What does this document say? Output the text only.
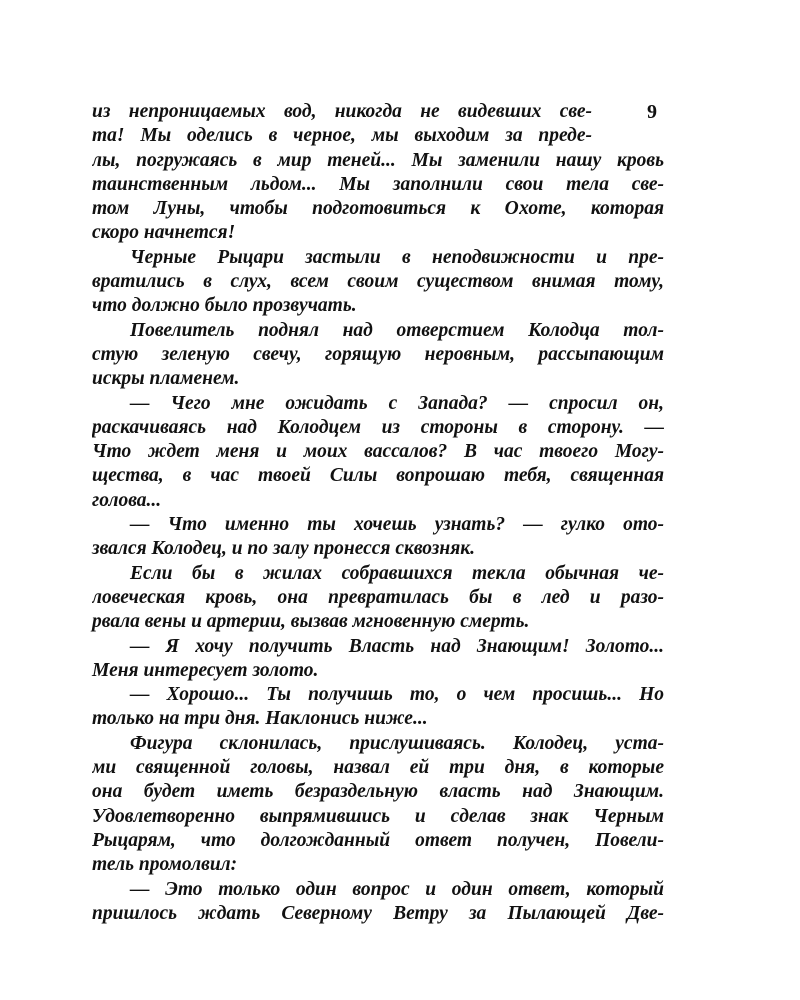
9
из непроницаемых вод, никогда не видевших све-
та! Мы оделись в черное, мы выходим за преде-
лы, погружаясь в мир теней... Мы заменили нашу кровь
таинственным льдом... Мы заполнили свои тела све-
том Луны, чтобы подготовиться к Охоте, которая
скоро начнется!
Черные Рыцари застыли в неподвижности и пре-
вратились в слух, всем своим существом внимая тому,
что должно было прозвучать.
Повелитель поднял над отверстием Колодца тол-
стую зеленую свечу, горящую неровным, рассыпающим
искры пламенем.
— Чего мне ожидать с Запада? — спросил он,
раскачиваясь над Колодцем из стороны в сторону. —
Что ждет меня и моих вассалов? В час твоего Могу-
щества, в час твоей Силы вопрошаю тебя, священная
голова...
— Что именно ты хочешь узнать? — гулко ото-
звался Колодец, и по залу пронесся сквозняк.
Если бы в жилах собравшихся текла обычная че-
ловеческая кровь, она превратилась бы в лед и разо-
рвала вены и артерии, вызвав мгновенную смерть.
— Я хочу получить Власть над Знающим! Золото...
Меня интересует золото.
— Хорошо... Ты получишь то, о чем просишь... Но
только на три дня. Наклонись ниже...
Фигура склонилась, прислушиваясь. Колодец, уста-
ми священной головы, назвал ей три дня, в которые
она будет иметь безраздельную власть над Знающим.
Удовлетворенно выпрямившись и сделав знак Черным
Рыцарям, что долгожданный ответ получен, Повели-
тель промолвил:
— Это только один вопрос и один ответ, который
пришлось ждать Северному Ветру за Пылающей Две-
